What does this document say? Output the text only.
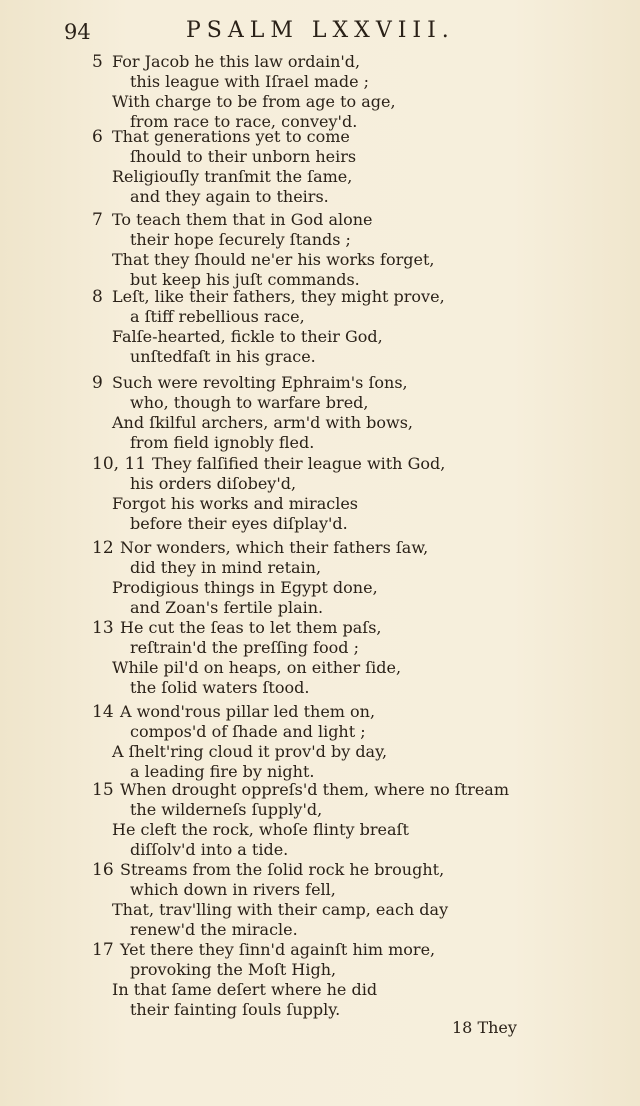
94	PSALM LXXVIII.
5 For Jacob he this law ordain'd,
this league with Iſrael made ;
With charge to be from age to age,
from race to race, convey'd.
6 That generations yet to come
ſhould to their unborn heirs
Religiouſly tranſmit the ſame,
and they again to theirs.
7 To teach them that in God alone
their hope ſecurely ſtands ;
That they ſhould ne'er his works forget,
but keep his juſt commands.
8 Leſt, like their fathers, they might prove,
a ſtiff rebellious race,
Falſe-hearted, fickle to their God,
unſtedfaſt in his grace.
9 Such were revolting Ephraim's ſons,
who, though to warfare bred,
And ſkilful archers, arm'd with bows,
from field ignobly fled.
10, 11 They falſified their league with God,
his orders diſobey'd,
Forgot his works and miracles
before their eyes diſplay'd.
12 Nor wonders, which their fathers ſaw,
did they in mind retain,
Prodigious things in Egypt done,
and Zoan's fertile plain.
13 He cut the ſeas to let them paſs,
reſtrain'd the preſſing food ;
While pil'd on heaps, on either ſide,
the ſolid waters ſtood.
14 A wond'rous pillar led them on,
compos'd of ſhade and light ;
A ſhelt'ring cloud it prov'd by day,
a leading fire by night.
15 When drought oppreſs'd them, where no ſtream
the wilderneſs ſupply'd,
He cleft the rock, whoſe flinty breaſt
diſſolv'd into a tide.
16 Streams from the ſolid rock he brought,
which down in rivers fell,
That, trav'lling with their camp, each day
renew'd the miracle.
17 Yet there they ſinn'd againſt him more,
provoking the Moſt High,
In that ſame deſert where he did
their fainting ſouls ſupply.
18 They
